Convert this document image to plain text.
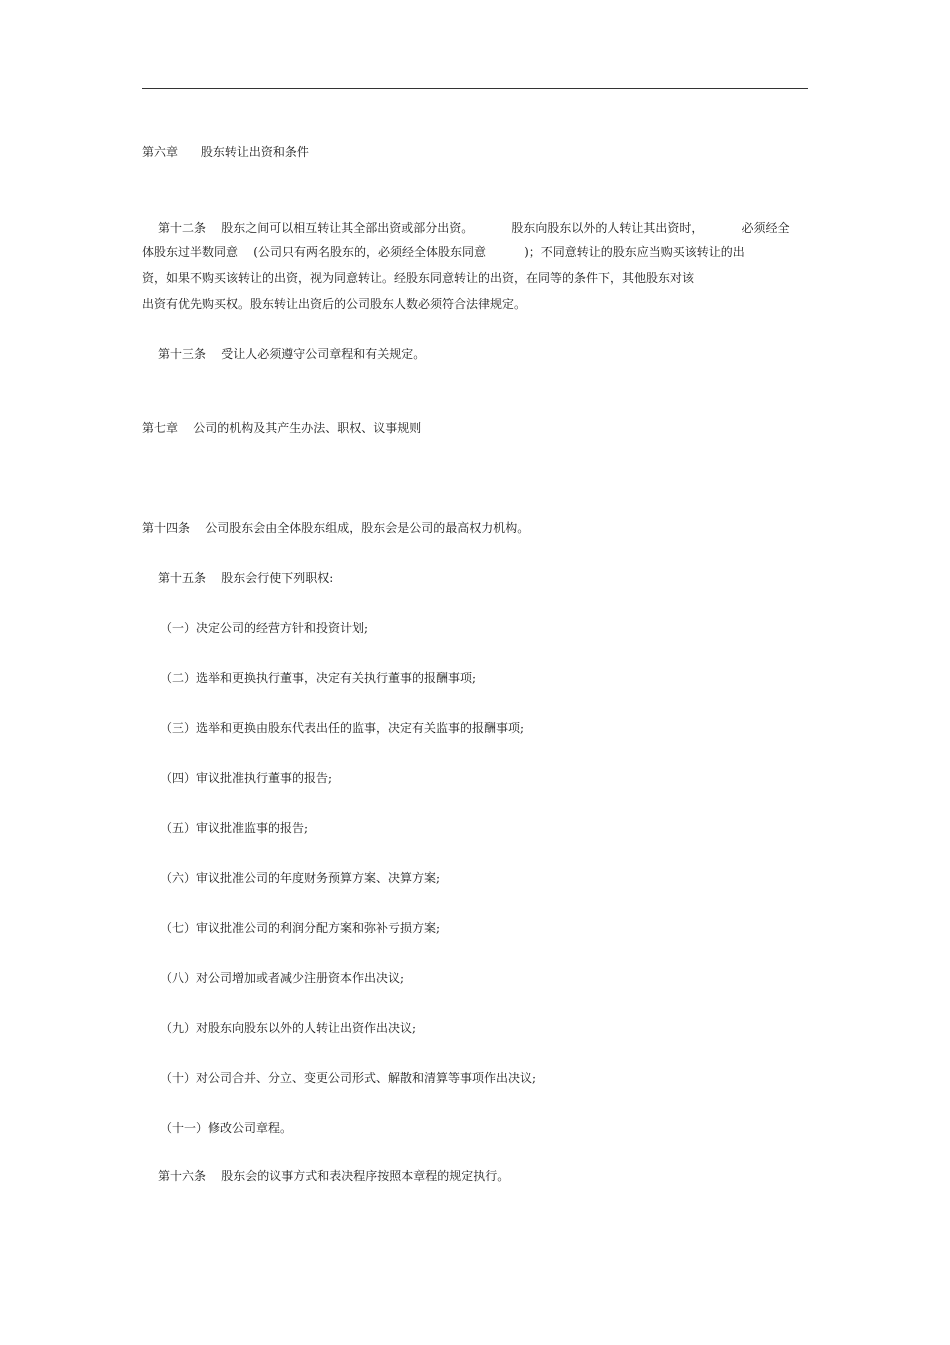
第六章      股东转让出资和条件
第十二条    股东之间可以相互转让其全部出资或部分出资。          股东向股东以外的人转让其出资时，          必须经全
体股东过半数同意    (公司只有两名股东的，必须经全体股东同意          )；不同意转让的股东应当购买该转让的出
资，如果不购买该转让的出资，视为同意转让。经股东同意转让的出资，在同等的条件下，其他股东对该
出资有优先购买权。股东转让出资后的公司股东人数必须符合法律规定。
第十三条    受让人必须遵守公司章程和有关规定。
第七章    公司的机构及其产生办法、职权、议事规则
第十四条    公司股东会由全体股东组成，股东会是公司的最高权力机构。
第十五条    股东会行使下列职权:
（一）决定公司的经营方针和投资计划;
（二）选举和更换执行董事，决定有关执行董事的报酬事项;
（三）选举和更换由股东代表出任的监事，决定有关监事的报酬事项;
（四）审议批准执行董事的报告;
（五）审议批准监事的报告;
（六）审议批准公司的年度财务预算方案、决算方案;
（七）审议批准公司的利润分配方案和弥补亏损方案;
（八）对公司增加或者减少注册资本作出决议;
（九）对股东向股东以外的人转让出资作出决议;
（十）对公司合并、分立、变更公司形式、解散和清算等事项作出决议;
（十一）修改公司章程。
第十六条    股东会的议事方式和表决程序按照本章程的规定执行。
